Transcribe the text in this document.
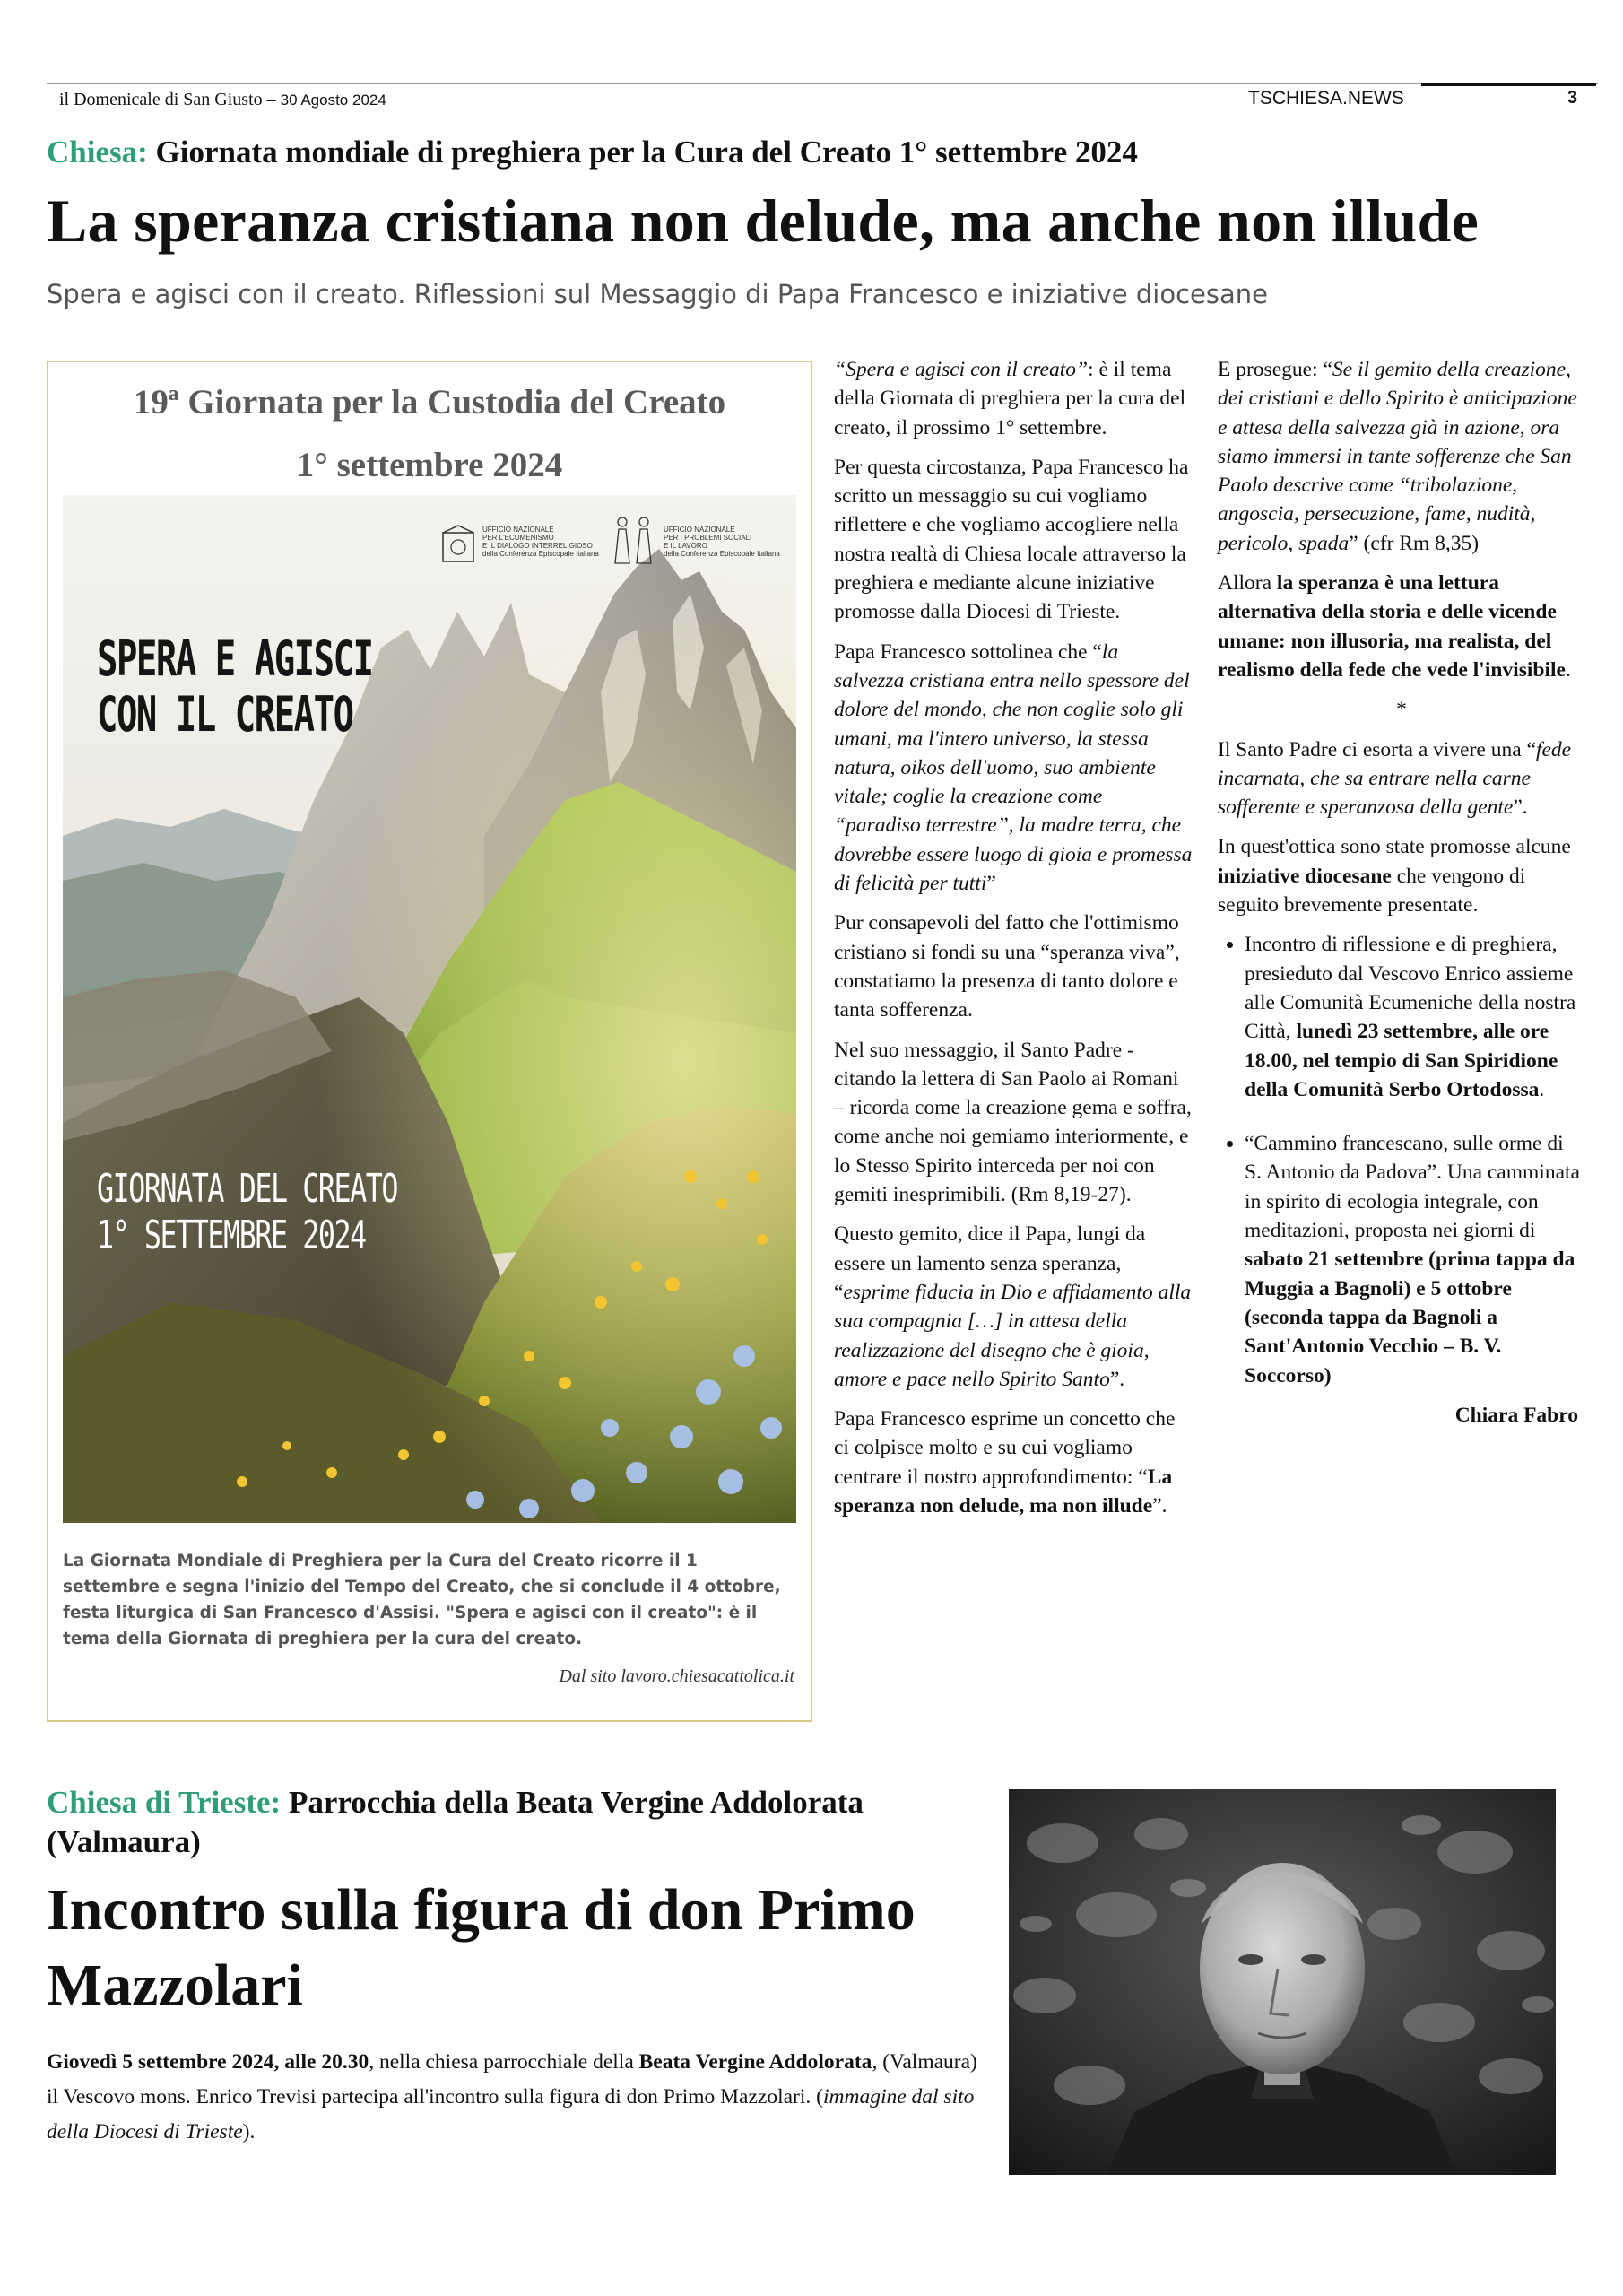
il Domenicale di San Giusto – 30 Agosto 2024	TSCHIESA.NEWS	3
Chiesa: Giornata mondiale di preghiera per la Cura del Creato 1° settembre 2024
La speranza cristiana non delude, ma anche non illude
Spera e agisci con il creato. Riflessioni sul Messaggio di Papa Francesco e iniziative diocesane
19ª Giornata per la Custodia del Creato
1° settembre 2024
UFFICIO NAZIONALE
PER L'ECUMENISMO
E IL DIALOGO INTERRELIGIOSO
della Conferenza Episcopale Italiana
UFFICIO NAZIONALE
PER I PROBLEMI SOCIALI
E IL LAVORO
della Conferenza Episcopale Italiana
SPERA E AGISCI
CON IL CREATO
GIORNATA DEL CREATO
1° SETTEMBRE 2024
La Giornata Mondiale di Preghiera per la Cura del Creato ricorre il 1 settembre e segna l'inizio del Tempo del Creato, che si conclude il 4 ottobre, festa liturgica di San Francesco d'Assisi. "Spera e agisci con il creato": è il tema della Giornata di preghiera per la cura del creato.
Dal sito lavoro.chiesacattolica.it

“Spera e agisci con il creato”: è il tema della Giornata di preghiera per la cura del creato, il prossimo 1° settembre.

Per questa circostanza, Papa Francesco ha scritto un messaggio su cui vogliamo riflettere e che vogliamo accogliere nella nostra realtà di Chiesa locale attraverso la preghiera e mediante alcune iniziative promosse dalla Diocesi di Trieste.

Papa Francesco sottolinea che “la salvezza cristiana entra nello spessore del dolore del mondo, che non coglie solo gli umani, ma l'intero universo, la stessa natura, oikos dell'uomo, suo ambiente vitale; coglie la creazione come “paradiso terrestre”, la madre terra, che dovrebbe essere luogo di gioia e promessa di felicità per tutti”

Pur consapevoli del fatto che l'ottimismo cristiano si fondi su una “speranza viva”, constatiamo la presenza di tanto dolore e tanta sofferenza.

Nel suo messaggio, il Santo Padre - citando la lettera di San Paolo ai Romani – ricorda come la creazione gema e soffra, come anche noi gemiamo interiormente, e lo Stesso Spirito interceda per noi con gemiti inesprimibili. (Rm 8,19-27).

Questo gemito, dice il Papa, lungi da essere un lamento senza speranza, “esprime fiducia in Dio e affidamento alla sua compagnia […] in attesa della realizzazione del disegno che è gioia, amore e pace nello Spirito Santo”.

Papa Francesco esprime un concetto che ci colpisce molto e su cui vogliamo centrare il nostro approfondimento: “La speranza non delude, ma non illude”.

E prosegue: “Se il gemito della creazione, dei cristiani e dello Spirito è anticipazione e attesa della salvezza già in azione, ora siamo immersi in tante sofferenze che San Paolo descrive come “tribolazione, angoscia, persecuzione, fame, nudità, pericolo, spada” (cfr Rm 8,35)

Allora la speranza è una lettura alternativa della storia e delle vicende umane: non illusoria, ma realista, del realismo della fede che vede l'invisibile.

*

Il Santo Padre ci esorta a vivere una “fede incarnata, che sa entrare nella carne sofferente e speranzosa della gente”.

In quest'ottica sono state promosse alcune iniziative diocesane che vengono di seguito brevemente presentate.

• Incontro di riflessione e di preghiera, presieduto dal Vescovo Enrico assieme alle Comunità Ecumeniche della nostra Città, lunedì 23 settembre, alle ore 18.00, nel tempio di San Spiridione della Comunità Serbo Ortodossa.
• “Cammino francescano, sulle orme di S. Antonio da Padova”. Una camminata in spirito di ecologia integrale, con meditazioni, proposta nei giorni di sabato 21 settembre (prima tappa da Muggia a Bagnoli) e 5 ottobre (seconda tappa da Bagnoli a Sant'Antonio Vecchio – B. V. Soccorso)
Chiara Fabro
Chiesa di Trieste: Parrocchia della Beata Vergine Addolorata (Valmaura)
Incontro sulla figura di don Primo Mazzolari
Giovedì 5 settembre 2024, alle 20.30, nella chiesa parrocchiale della Beata Vergine Addolorata, (Valmaura) il Vescovo mons. Enrico Trevisi partecipa all'incontro sulla figura di don Primo Mazzolari. (immagine dal sito della Diocesi di Trieste).
